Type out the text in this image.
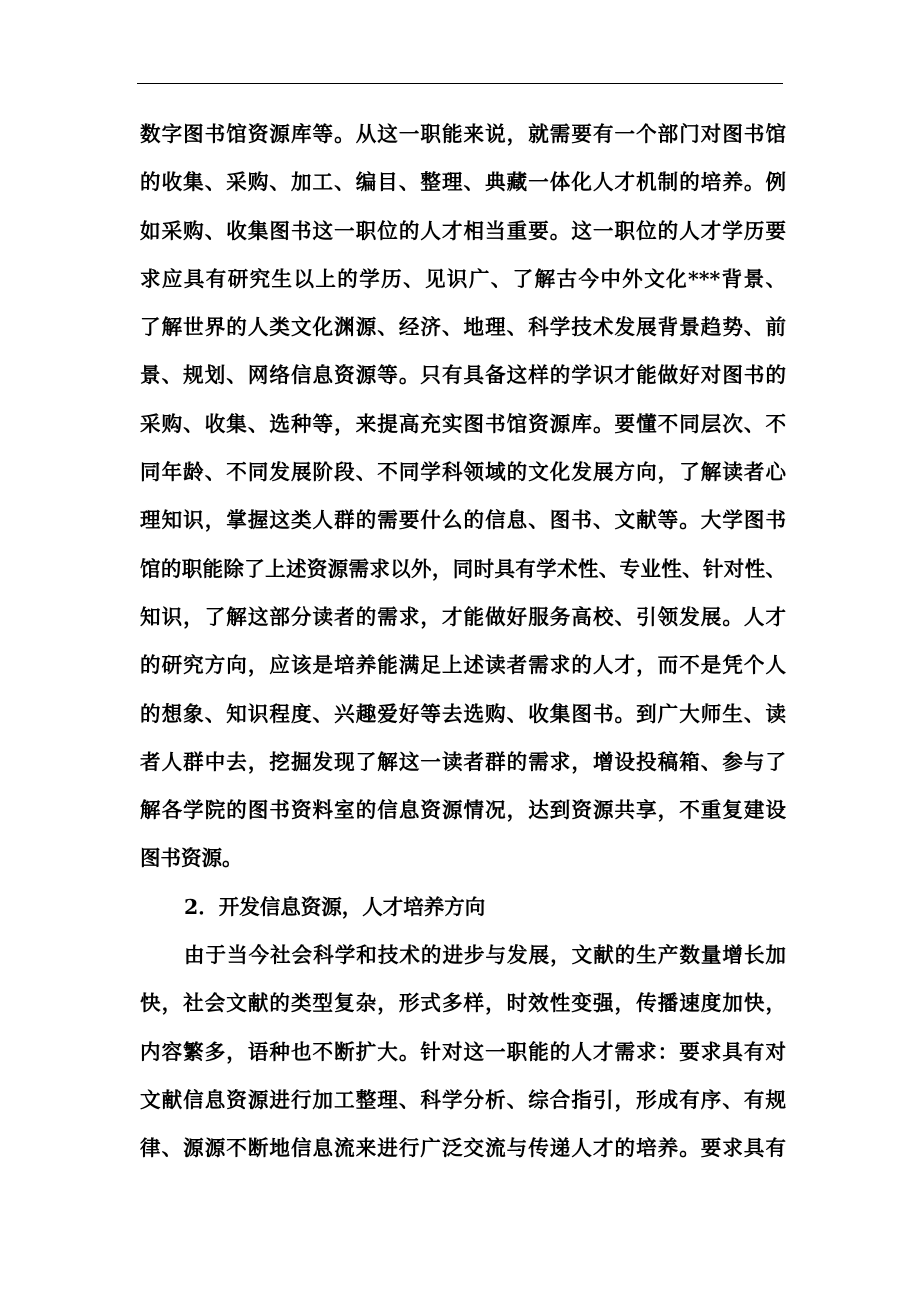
数字图书馆资源库等。从这一职能来说，就需要有一个部门对图书馆
的收集、采购、加工、编目、整理、典藏一体化人才机制的培养。例
如采购、收集图书这一职位的人才相当重要。这一职位的人才学历要
求应具有研究生以上的学历、见识广、了解古今中外文化***背景、
了解世界的人类文化渊源、经济、地理、科学技术发展背景趋势、前
景、规划、网络信息资源等。只有具备这样的学识才能做好对图书的
采购、收集、选种等，来提高充实图书馆资源库。要懂不同层次、不
同年龄、不同发展阶段、不同学科领域的文化发展方向，了解读者心
理知识，掌握这类人群的需要什么的信息、图书、文献等。大学图书
馆的职能除了上述资源需求以外，同时具有学术性、专业性、针对性、
知识，了解这部分读者的需求，才能做好服务高校、引领发展。人才
的研究方向，应该是培养能满足上述读者需求的人才，而不是凭个人
的想象、知识程度、兴趣爱好等去选购、收集图书。到广大师生、读
者人群中去，挖掘发现了解这一读者群的需求，增设投稿箱、参与了
解各学院的图书资料室的信息资源情况，达到资源共享，不重复建设
图书资源。
2．开发信息资源，人才培养方向
由于当今社会科学和技术的进步与发展，文献的生产数量增长加
快，社会文献的类型复杂，形式多样，时效性变强，传播速度加快，
内容繁多，语种也不断扩大。针对这一职能的人才需求：要求具有对
文献信息资源进行加工整理、科学分析、综合指引，形成有序、有规
律、源源不断地信息流来进行广泛交流与传递人才的培养。要求具有
